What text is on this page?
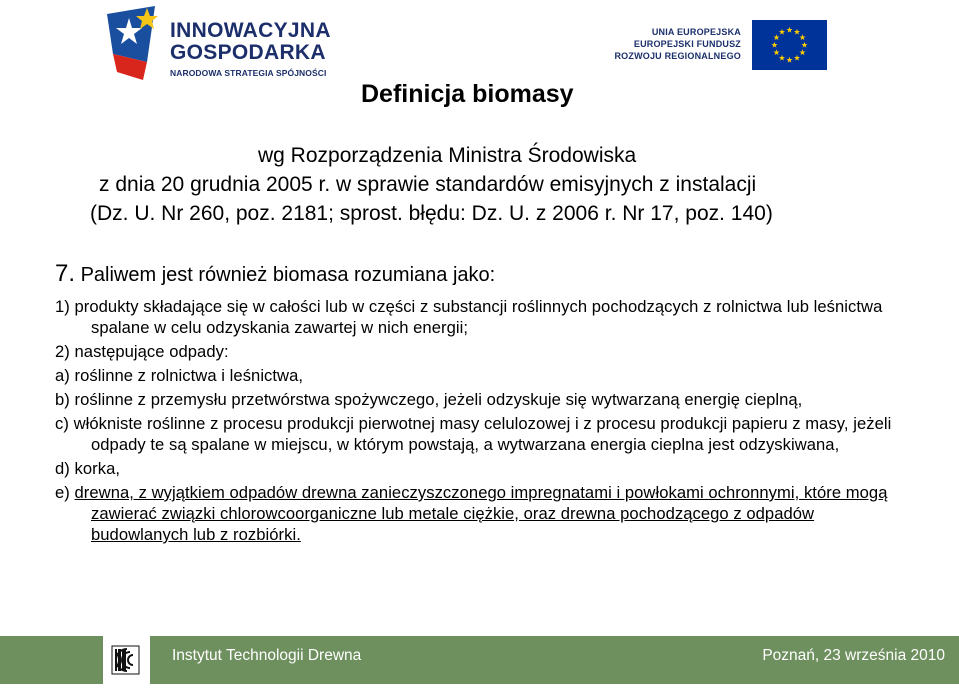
INNOWACYJNA
GOSPODARKA
NARODOWA STRATEGIA SPÓJNOŚCI
UNIA EUROPEJSKA
EUROPEJSKI FUNDUSZ
ROZWOJU REGIONALNEGO
Definicja biomasy
wg Rozporządzenia Ministra Środowiska
z dnia 20 grudnia 2005 r. w sprawie standardów emisyjnych z instalacji
(Dz. U. Nr 260, poz. 2181; sprost. błędu: Dz. U. z 2006 r. Nr 17, poz. 140)
7. Paliwem jest również biomasa rozumiana jako:
1) produkty składające się w całości lub w części z substancji roślinnych pochodzących z rolnictwa lub leśnictwa spalane w celu odzyskania zawartej w nich energii;
2) następujące odpady:
a) roślinne z rolnictwa i leśnictwa,
b) roślinne z przemysłu przetwórstwa spożywczego, jeżeli odzyskuje się wytwarzaną energię cieplną,
c) włókniste roślinne z procesu produkcji pierwotnej masy celulozowej i z procesu produkcji papieru z masy, jeżeli odpady te są spalane w miejscu, w którym powstają, a wytwarzana energia cieplna jest odzyskiwana,
d) korka,
e) drewna, z wyjątkiem odpadów drewna zanieczyszczonego impregnatami i powłokami ochronnymi, które mogą zawierać związki chlorowcoorganiczne lub metale ciężkie, oraz drewna pochodzącego z odpadów budowlanych lub z rozbiórki.
Instytut Technologii Drewna	Poznań, 23 września 2010
